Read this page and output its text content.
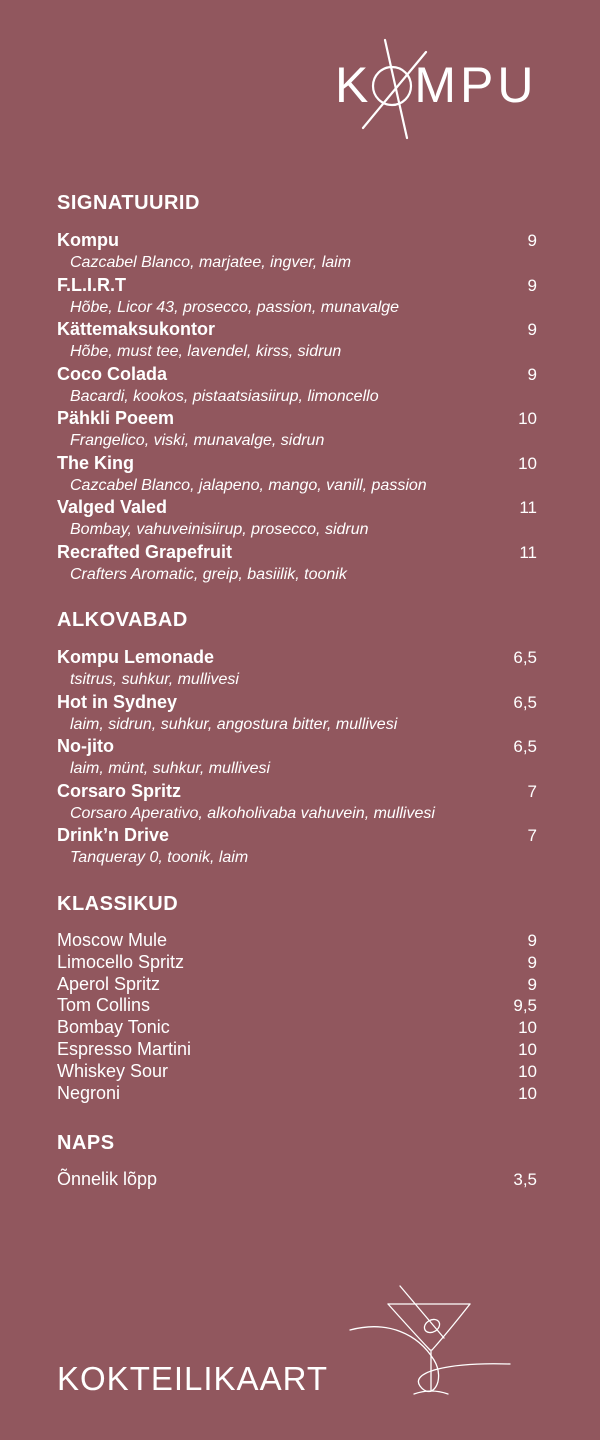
K MPU
SIGNATUURID
Kompu	9
Cazcabel Blanco, marjatee, ingver, laim
F.L.I.R.T	9
Hõbe, Licor 43, prosecco, passion, munavalge
Kättemaksukontor	9
Hõbe, must tee, lavendel, kirss, sidrun
Coco Colada	9
Bacardi, kookos, pistaatsiasiirup, limoncello
Pähkli Poeem	10
Frangelico, viski, munavalge, sidrun
The King	10
Cazcabel Blanco, jalapeno, mango, vanill, passion
Valged Valed	11
Bombay, vahuveinisiirup, prosecco, sidrun
Recrafted Grapefruit	11
Crafters Aromatic, greip, basiilik, toonik
ALKOVABAD
Kompu Lemonade	6,5
tsitrus, suhkur, mullivesi
Hot in Sydney	6,5
laim, sidrun, suhkur, angostura bitter, mullivesi
No-jito	6,5
laim, münt, suhkur, mullivesi
Corsaro Spritz	7
Corsaro Aperativo, alkoholivaba vahuvein, mullivesi
Drink’n Drive	7
Tanqueray 0, toonik, laim
KLASSIKUD
Moscow Mule	9
Limocello Spritz	9
Aperol Spritz	9
Tom Collins	9,5
Bombay Tonic	10
Espresso Martini	10
Whiskey Sour	10
Negroni	10
NAPS
Õnnelik lõpp	3,5
KOKTEILIKAART
